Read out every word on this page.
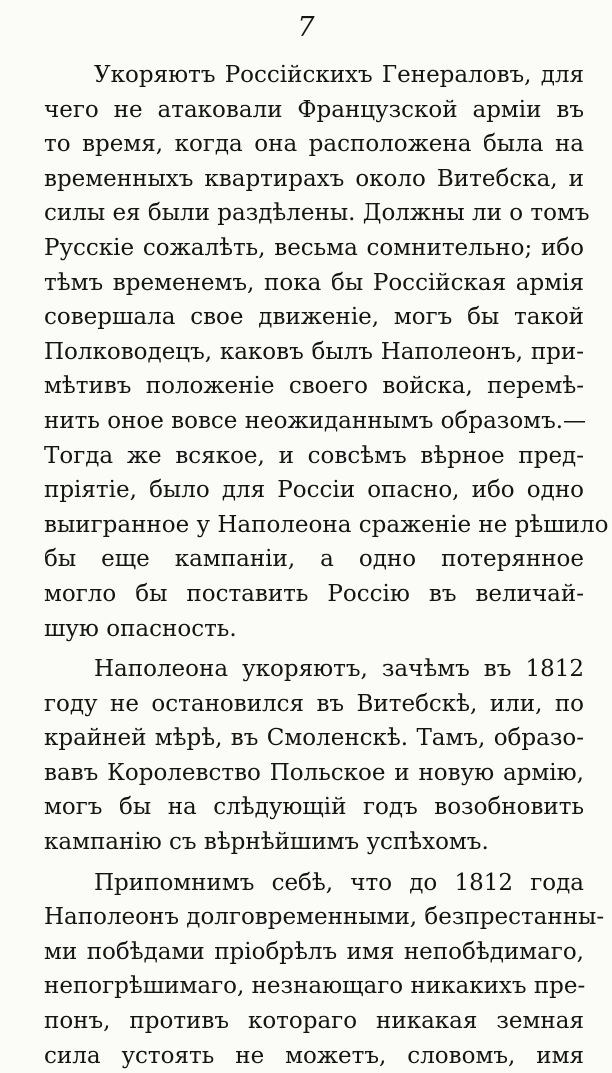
7
Укоряютъ Россійскихъ Генераловъ, для
чего не атаковали Французской арміи въ
то время, когда она расположена была на
временныхъ квартирахъ около Витебска, и
силы ея были раздѣлены. Должны ли о томъ
Русскіе сожалѣть, весьма сомнительно; ибо
тѣмъ временемъ, пока бы Россійская армія
совершала свое движеніе, могъ бы такой
Полководецъ, каковъ былъ Наполеонъ, при-
мѣтивъ положеніе своего войска, перемѣ-
нить оное вовсе неожиданнымъ образомъ.—
Тогда же всякое, и совсѣмъ вѣрное пред-
пріятіе, было для Россіи опасно, ибо одно
выигранное у Наполеона сраженіе не рѣшило
бы еще кампаніи, а одно потерянное
могло бы поставить Россію въ величай-
шую опасность.
Наполеона укоряютъ, зачѣмъ въ 1812
году не остановился въ Витебскѣ, или, по
крайней мѣрѣ, въ Смоленскѣ. Тамъ, образо-
вавъ Королевство Польское и новую армію,
могъ бы на слѣдующій годъ возобновить
кампанію съ вѣрнѣйшимъ успѣхомъ.
Припомнимъ себѣ, что до 1812 года
Наполеонъ долговременными, безпрестанны-
ми побѣдами пріобрѣлъ имя непобѣдимаго,
непогрѣшимаго, незнающаго никакихъ пре-
понъ, противъ котораго никакая земная
сила устоять не можетъ, словомъ, имя
